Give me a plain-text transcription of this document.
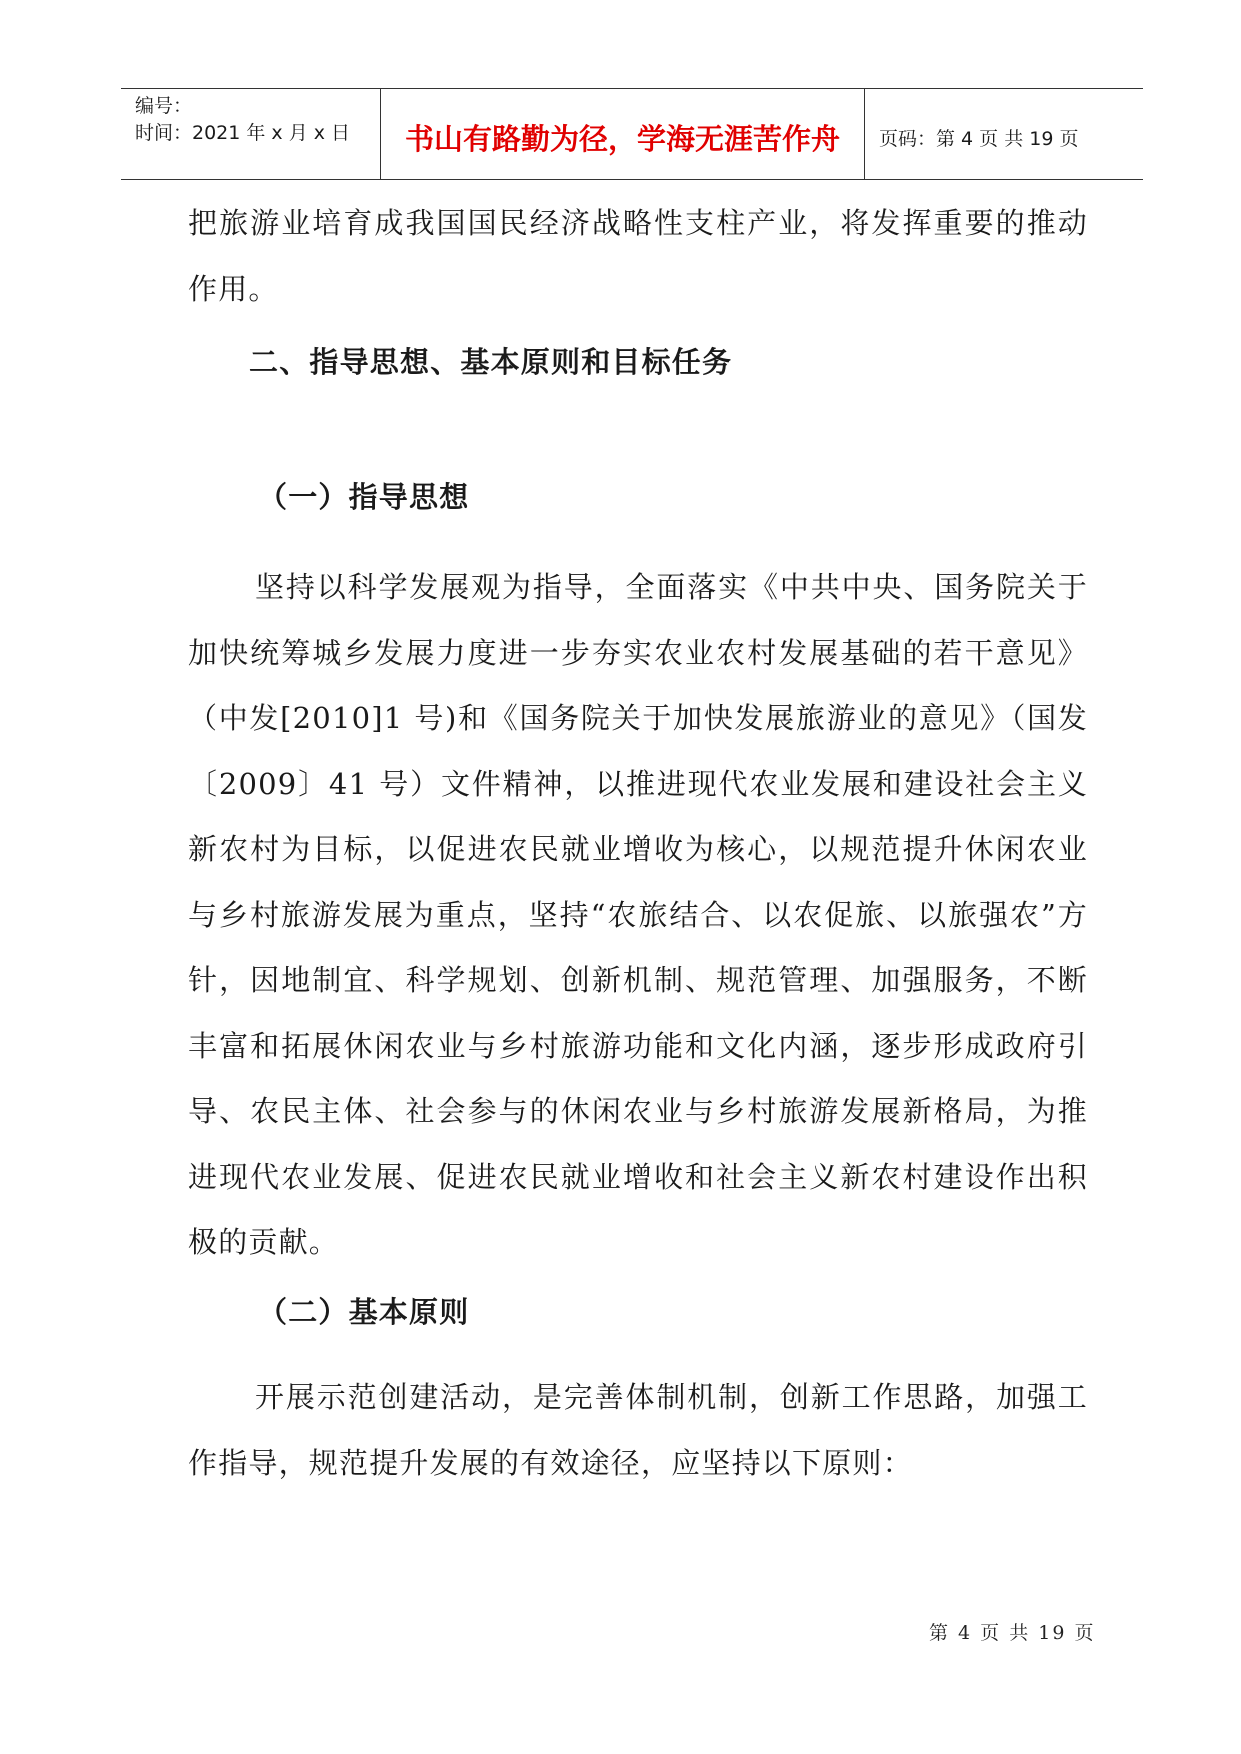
编号：
时间：2021 年 x 月 x 日	书山有路勤为径，学海无涯苦作舟	页码：第 4 页 共 19 页

把旅游业培育成我国国民经济战略性支柱产业，将发挥重要的推动作用。

二、指导思想、基本原则和目标任务
（一）指导思想

坚持以科学发展观为指导，全面落实《中共中央、国务院关于加快统筹城乡发展力度进一步夯实农业农村发展基础的若干意见》（中发[2010]1 号)和《国务院关于加快发展旅游业的意见》（国发〔2009〕41 号）文件精神，以推进现代农业发展和建设社会主义新农村为目标，以促进农民就业增收为核心，以规范提升休闲农业与乡村旅游发展为重点，坚持“农旅结合、以农促旅、以旅强农”方针，因地制宜、科学规划、创新机制、规范管理、加强服务，不断丰富和拓展休闲农业与乡村旅游功能和文化内涵，逐步形成政府引导、农民主体、社会参与的休闲农业与乡村旅游发展新格局，为推进现代农业发展、促进农民就业增收和社会主义新农村建设作出积极的贡献。

（二）基本原则

开展示范创建活动，是完善体制机制，创新工作思路，加强工作指导，规范提升发展的有效途径，应坚持以下原则：

第 4 页 共 19 页
